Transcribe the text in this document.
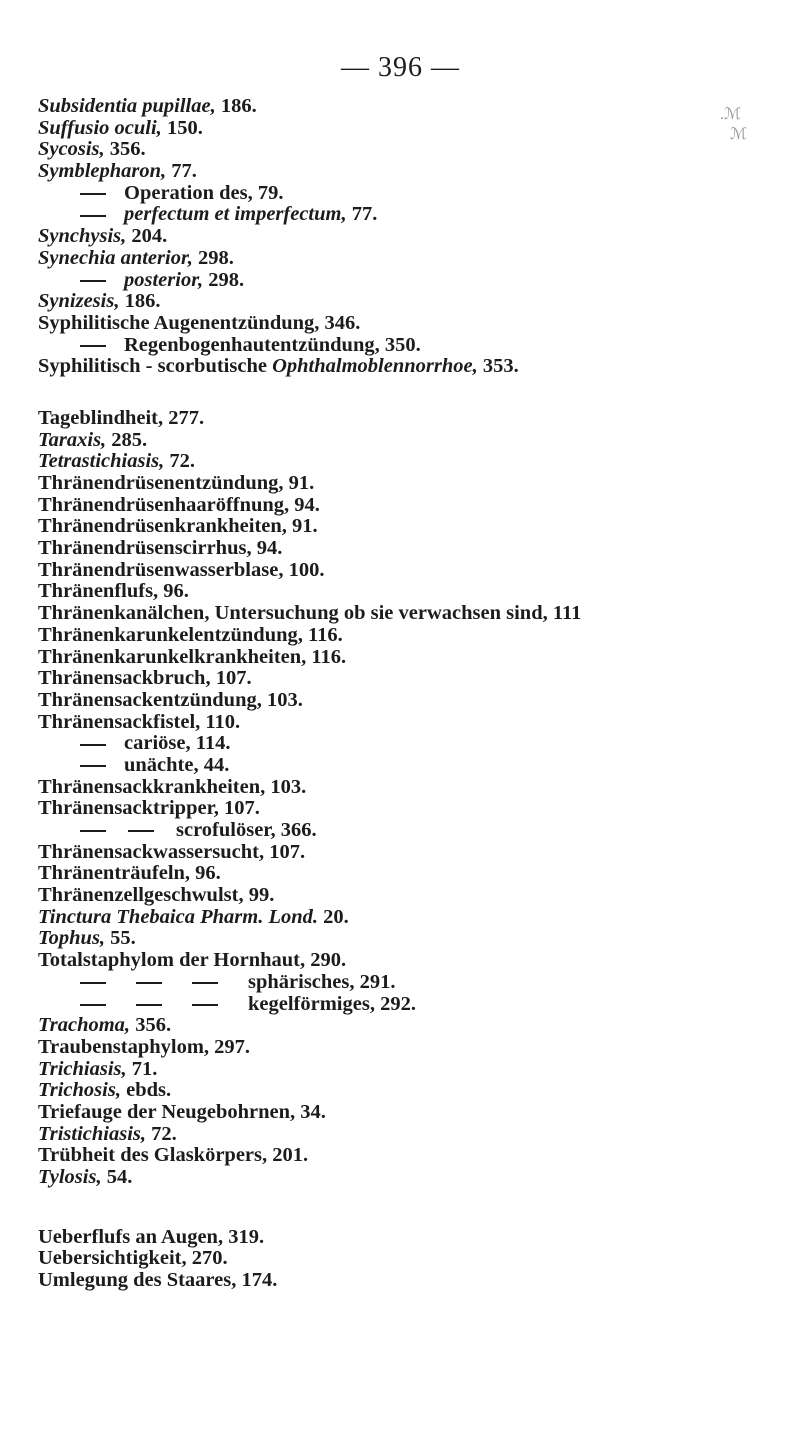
— 396 —
.ℳ
ℳ
Subsidentia pupillae, 186.
Suffusio oculi, 150.
Sycosis, 356.
Symblepharon, 77.
Operation des, 79.
perfectum et imperfectum, 77.
Synchysis, 204.
Synechia anterior, 298.
posterior, 298.
Synizesis, 186.
Syphilitische Augenentzündung, 346.
Regenbogenhautentzündung, 350.
Syphilitisch - scorbutische Ophthalmoblennorrhoe, 353.
Tageblindheit, 277.
Taraxis, 285.
Tetrastichiasis, 72.
Thränendrüsenentzündung, 91.
Thränendrüsenhaaröffnung, 94.
Thränendrüsenkrankheiten, 91.
Thränendrüsenscirrhus, 94.
Thränendrüsenwasserblase, 100.
Thränenflufs, 96.
Thränenkanälchen, Untersuchung ob sie verwachsen sind, 111
Thränenkarunkelentzündung, 116.
Thränenkarunkelkrankheiten, 116.
Thränensackbruch, 107.
Thränensackentzündung, 103.
Thränensackfistel, 110.
cariöse, 114.
unächte, 44.
Thränensackkrankheiten, 103.
Thränensacktripper, 107.
scrofulöser, 366.
Thränensackwassersucht, 107.
Thränenträufeln, 96.
Thränenzellgeschwulst, 99.
Tinctura Thebaica Pharm. Lond. 20.
Tophus, 55.
Totalstaphylom der Hornhaut, 290.
sphärisches, 291.
kegelförmiges, 292.
Trachoma, 356.
Traubenstaphylom, 297.
Trichiasis, 71.
Trichosis, ebds.
Triefauge der Neugebohrnen, 34.
Tristichiasis, 72.
Trübheit des Glaskörpers, 201.
Tylosis, 54.
Ueberflufs an Augen, 319.
Uebersichtigkeit, 270.
Umlegung des Staares, 174.
